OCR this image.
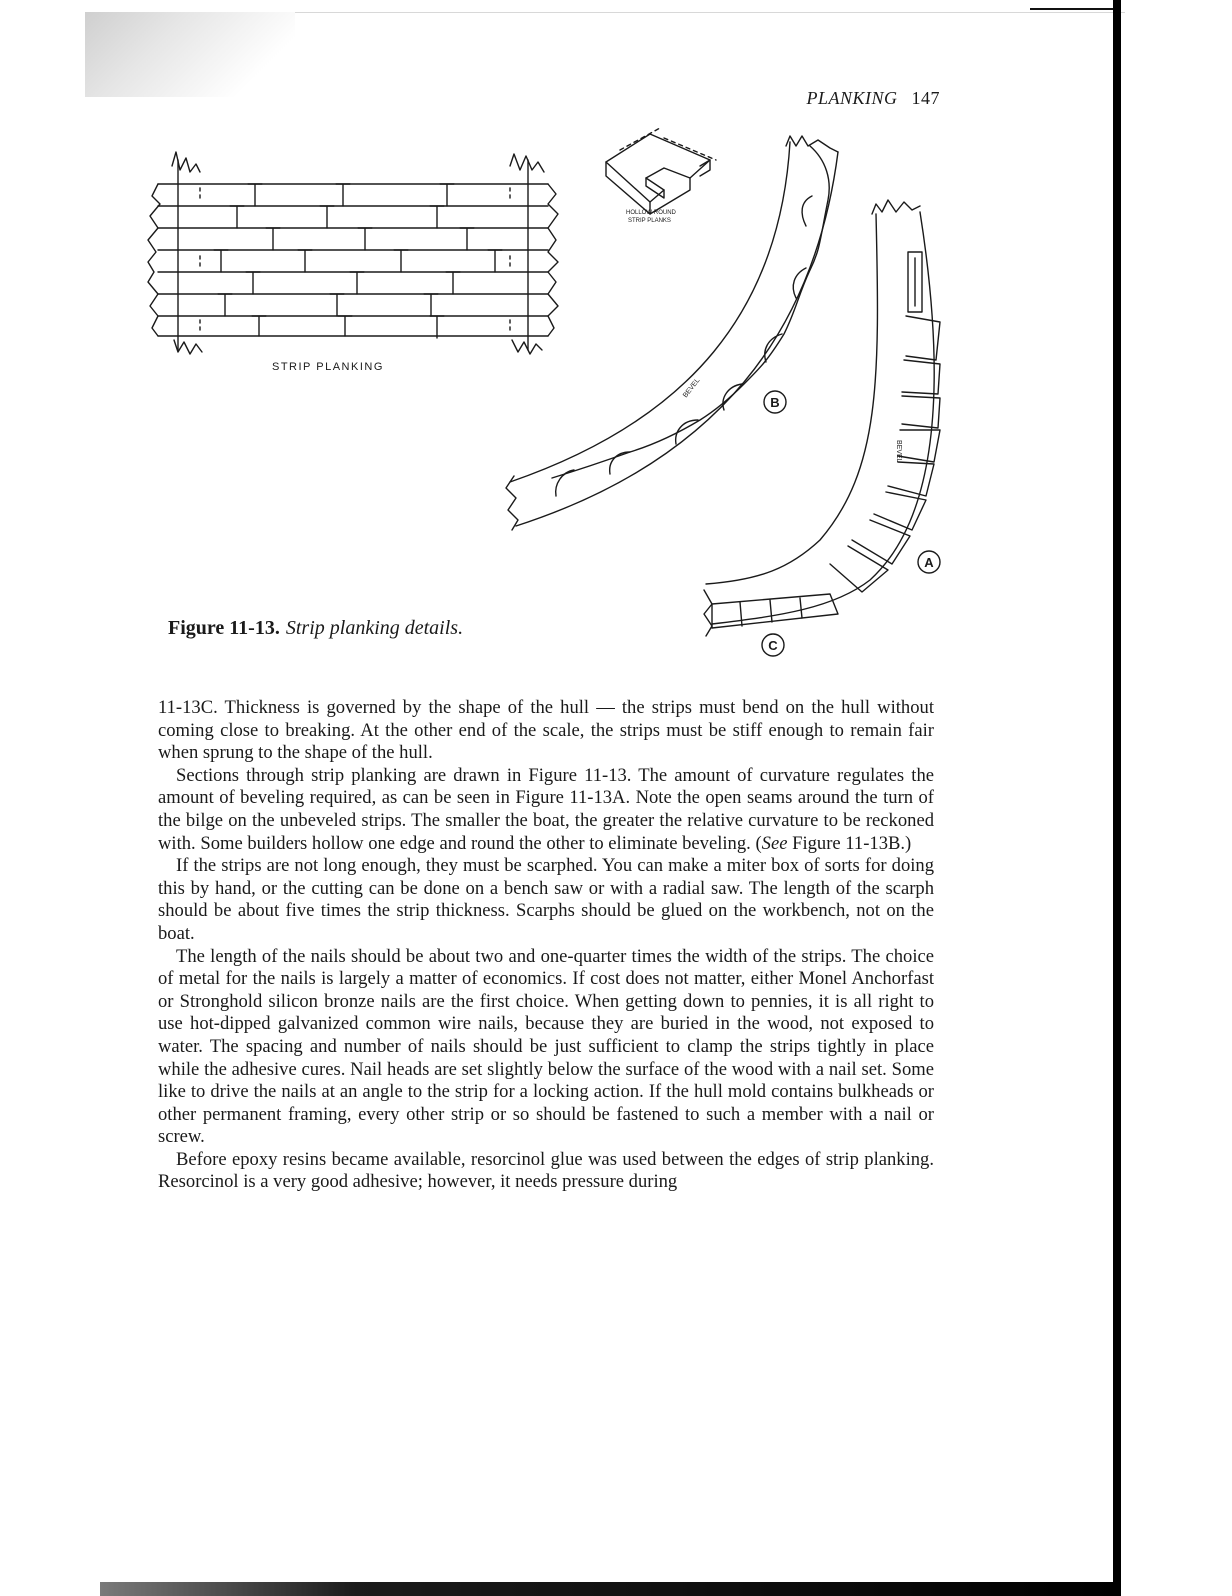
PLANKING 147
STRIP PLANKING
HOLLOW-ROUND
STRIP PLANKS
BEVEL
BEVEL
B
A
C
Figure 11-13. Strip planking details.

11-13C. Thickness is governed by the shape of the hull — the strips must bend on the hull without coming close to breaking. At the other end of the scale, the strips must be stiff enough to remain fair when sprung to the shape of the hull.

Sections through strip planking are drawn in Figure 11-13. The amount of curvature regulates the amount of beveling required, as can be seen in Figure 11-13A. Note the open seams around the turn of the bilge on the unbeveled strips. The smaller the boat, the greater the relative curvature to be reckoned with. Some builders hollow one edge and round the other to eliminate beveling. (See Figure 11-13B.)

If the strips are not long enough, they must be scarphed. You can make a miter box of sorts for doing this by hand, or the cutting can be done on a bench saw or with a radial saw. The length of the scarph should be about five times the strip thickness. Scarphs should be glued on the workbench, not on the boat.

The length of the nails should be about two and one-quarter times the width of the strips. The choice of metal for the nails is largely a matter of economics. If cost does not matter, either Monel Anchorfast or Stronghold silicon bronze nails are the first choice. When getting down to pennies, it is all right to use hot-dipped galvanized common wire nails, because they are buried in the wood, not exposed to water. The spacing and number of nails should be just sufficient to clamp the strips tightly in place while the adhesive cures. Nail heads are set slightly below the surface of the wood with a nail set. Some like to drive the nails at an angle to the strip for a locking action. If the hull mold contains bulkheads or other permanent framing, every other strip or so should be fastened to such a member with a nail or screw.

Before epoxy resins became available, resorcinol glue was used between the edges of strip planking. Resorcinol is a very good adhesive; however, it needs pressure during
